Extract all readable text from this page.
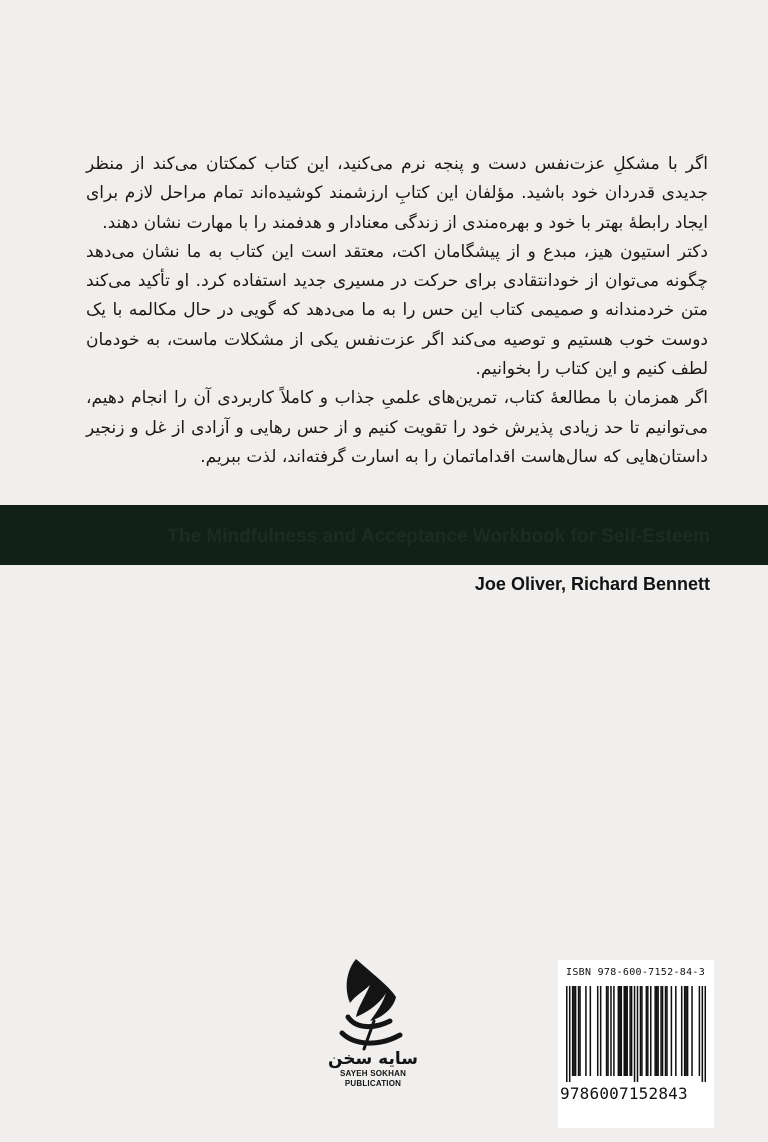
اگر با مشکلِ عزت‌نفس دست و پنجه نرم می‌کنید، این کتاب کمکتان می‌کند از منظر جدیدی قدردان خود باشید. مؤلفان این کتابِ ارزشمند کوشیده‌اند تمام مراحل لازم برای ایجاد رابطهٔ بهتر با خود و بهره‌مندی از زندگی معنادار و هدفمند را با مهارت نشان دهند.

دکتر استیون هیز، مبدع و از پیشگامان اکت، معتقد است این کتاب به ما نشان می‌دهد چگونه می‌توان از خودانتقادی برای حرکت در مسیری جدید استفاده کرد. او تأکید می‌کند متن خردمندانه و صمیمی کتاب این حس را به ما می‌دهد که گویی در حال مکالمه با یک دوست خوب هستیم و توصیه می‌کند اگر عزت‌نفس یکی از مشکلات ماست، به خودمان لطف کنیم و این کتاب را بخوانیم.

اگر همزمان با مطالعهٔ کتاب، تمرین‌های علمیِ جذاب و کاملاً کاربردی آن را انجام دهیم، می‌توانیم تا حد زیادی پذیرش خود را تقویت کنیم و از حس رهایی و آزادی از غل و زنجیر داستان‌هایی که سال‌هاست اقداماتمان را به اسارت گرفته‌اند، لذت ببریم.

The Mindfulness and Acceptance Workbook for Self-Esteem
Joe Oliver, Richard Bennett
سایه سخن
SAYEH SOKHAN
PUBLICATION
ISBN 978-600-7152-84-3
9786007152843
